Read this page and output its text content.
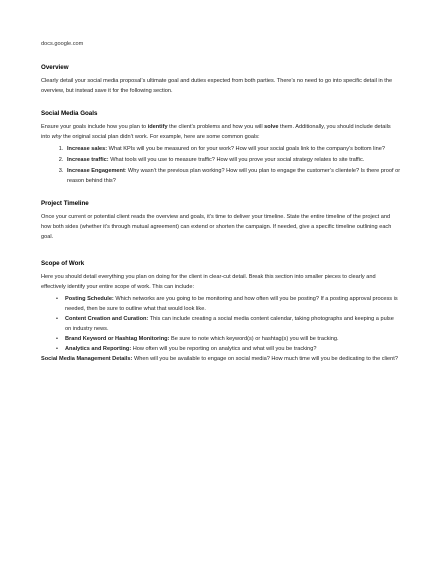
docs.google.com

Overview

Clearly detail your social media proposal’s ultimate goal and duties expected from both parties. There’s no need to go into specific detail in the overview, but instead save it for the following section.

Social Media Goals

Ensure your goals include how you plan to identify the client’s problems and how you will solve them. Additionally, you should include details into why the original social plan didn’t work. For example, here are some common goals:

1. Increase sales: What KPIs will you be measured on for your work? How will your social goals link to the company’s bottom line?
2. Increase traffic: What tools will you use to measure traffic? How will you prove your social strategy relates to site traffic.
3. Increase Engagement: Why wasn’t the previous plan working? How will you plan to engage the customer’s clientele? Is there proof or reason behind this?

Project Timeline

Once your current or potential client reads the overview and goals, it’s time to deliver your timeline. State the entire timeline of the project and how both sides (whether it’s through mutual agreement) can extend or shorten the campaign. If needed, give a specific timeline outlining each goal.

Scope of Work

Here you should detail everything you plan on doing for the client in clear-cut detail. Break this section into smaller pieces to clearly and effectively identify your entire scope of work. This can include:

• Posting Schedule: Which networks are you going to be monitoring and how often will you be posting? If a posting approval process is needed, then be sure to outline what that would look like.
• Content Creation and Curation: This can include creating a social media content calendar, taking photographs and keeping a pulse on industry news.
• Brand Keyword or Hashtag Monitoring: Be sure to note which keyword(s) or hashtag(s) you will be tracking.
• Analytics and Reporting: How often will you be reporting on analytics and what will you be tracking?

Social Media Management Details: When will you be available to engage on social media? How much time will you be dedicating to the client?
